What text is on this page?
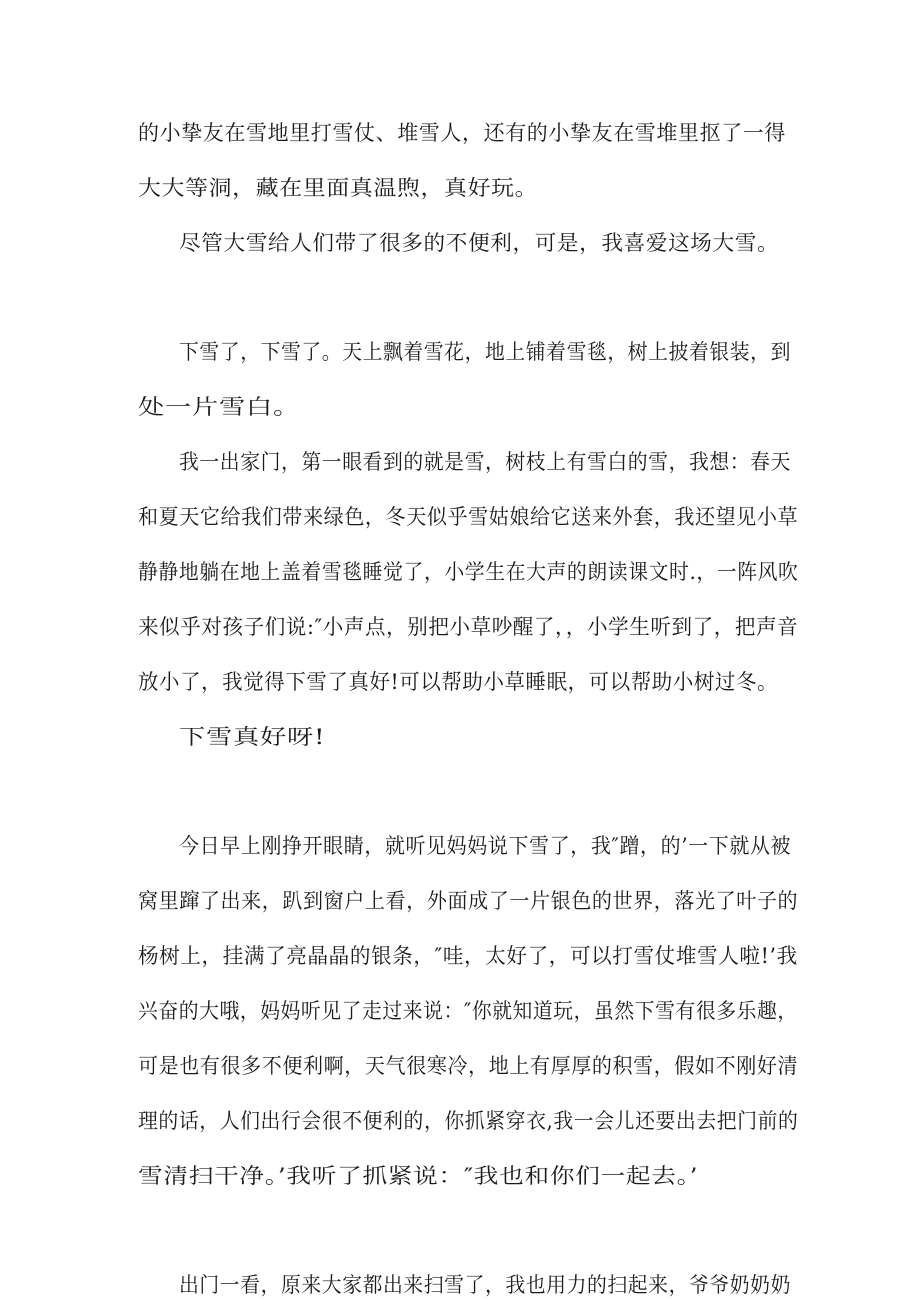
的小挚友在雪地里打雪仗、堆雪人，还有的小挚友在雪堆里抠了一得
大大等洞，藏在里面真温煦，真好玩。
尽管大雪给人们带了很多的不便利，可是，我喜爱这场大雪。
下雪了，下雪了。天上飘着雪花，地上铺着雪毯，树上披着银装，到
处一片雪白。
我一出家门，第一眼看到的就是雪，树枝上有雪白的雪，我想：春天
和夏天它给我们带来绿色，冬天似乎雪姑娘给它送来外套，我还望见小草
静静地躺在地上盖着雪毯睡觉了，小学生在大声的朗读课文时.，一阵风吹
来似乎对孩子们说:″小声点，别把小草吵醒了，，小学生听到了，把声音
放小了，我觉得下雪了真好!可以帮助小草睡眠，可以帮助小树过冬。
下雪真好呀!
今日早上刚挣开眼睛，就听见妈妈说下雪了，我″蹭，的’一下就从被
窝里蹿了出来，趴到窗户上看，外面成了一片银色的世界，落光了叶子的
杨树上，挂满了亮晶晶的银条，″哇，太好了，可以打雪仗堆雪人啦!’我
兴奋的大哦，妈妈听见了走过来说：″你就知道玩，虽然下雪有很多乐趣，
可是也有很多不便利啊，天气很寒冷，地上有厚厚的积雪，假如不刚好清
理的话，人们出行会很不便利的，你抓紧穿衣,我一会儿还要出去把门前的
雪清扫干净。’我听了抓紧说：″我也和你们一起去。’
出门一看，原来大家都出来扫雪了，我也用力的扫起来，爷爷奶奶奶
